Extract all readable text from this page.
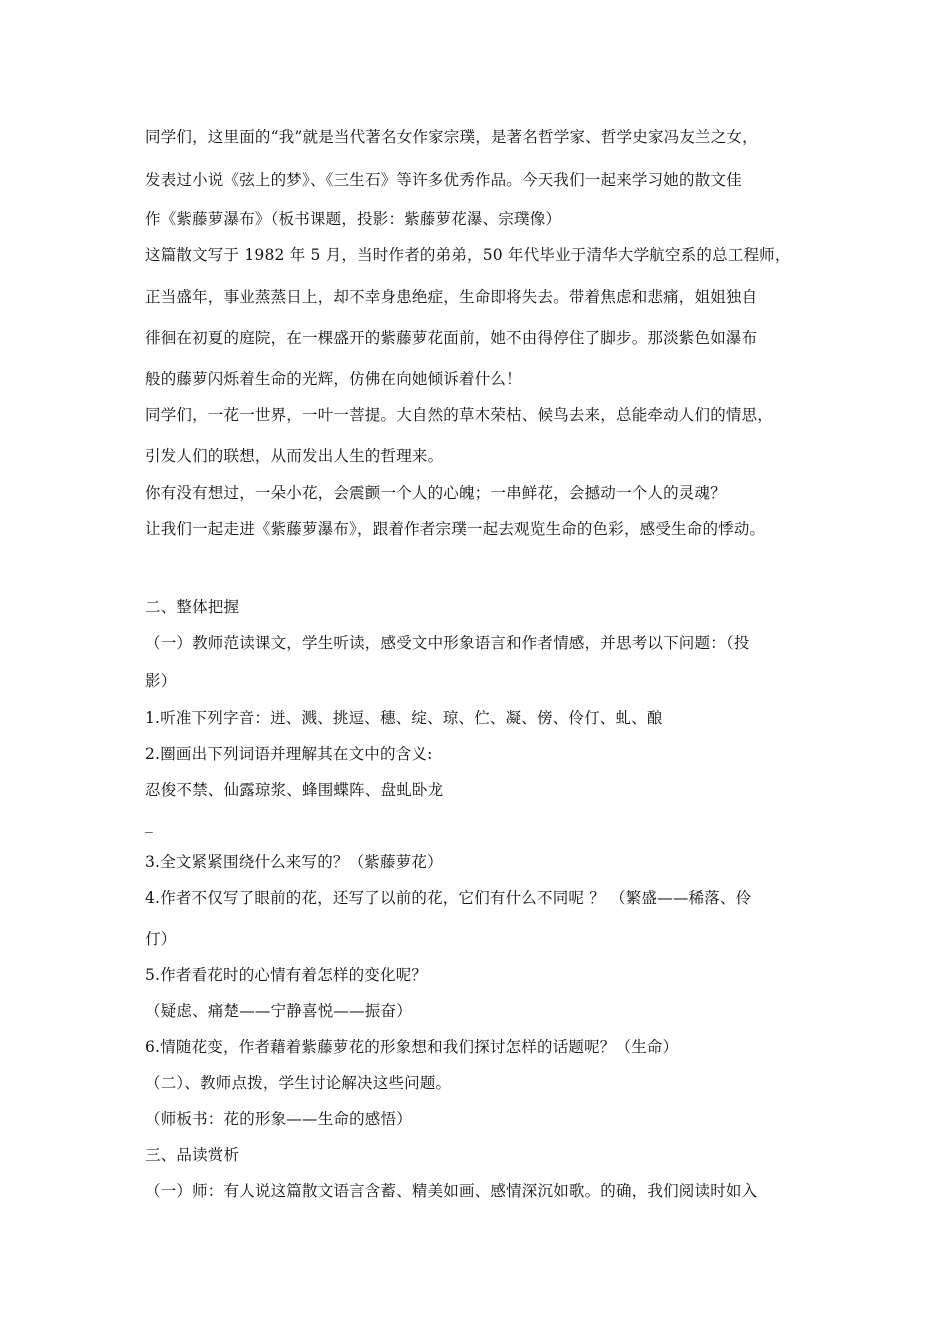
同学们，这里面的“我”就是当代著名女作家宗璞，是著名哲学家、哲学史家冯友兰之女，
发表过小说《弦上的梦》、《三生石》等许多优秀作品。今天我们一起来学习她的散文佳
作《紫藤萝瀑布》（板书课题，投影：紫藤萝花瀑、宗璞像）
这篇散文写于 1982 年 5 月，当时作者的弟弟，50 年代毕业于清华大学航空系的总工程师，
正当盛年，事业蒸蒸日上，却不幸身患绝症，生命即将失去。带着焦虑和悲痛，姐姐独自
徘徊在初夏的庭院，在一棵盛开的紫藤萝花面前，她不由得停住了脚步。那淡紫色如瀑布
般的藤萝闪烁着生命的光辉，仿佛在向她倾诉着什么！
同学们，一花一世界，一叶一菩提。大自然的草木荣枯、候鸟去来，总能牵动人们的情思，
引发人们的联想，从而发出人生的哲理来。
你有没有想过，一朵小花，会震颤一个人的心魄；一串鲜花，会撼动一个人的灵魂？
让我们一起走进《紫藤萝瀑布》，跟着作者宗璞一起去观览生命的色彩，感受生命的悸动。
二、整体把握
（一）教师范读课文，学生听读，感受文中形象语言和作者情感，并思考以下问题：（投
影）
1.听准下列字音：迸、溅、挑逗、穗、绽、琼、伫、凝、傍、伶仃、虬、酿
2.圈画出下列词语并理解其在文中的含义:
忍俊不禁、仙露琼浆、蜂围蝶阵、盘虬卧龙
_
3.全文紧紧围绕什么来写的？（紫藤萝花）
4.作者不仅写了眼前的花，还写了以前的花，它们有什么不同呢 ？ （繁盛——稀落、伶
仃）
5.作者看花时的心情有着怎样的变化呢？
（疑虑、痛楚——宁静喜悦——振奋）
6.情随花变，作者藉着紫藤萝花的形象想和我们探讨怎样的话题呢？（生命）
（二）、教师点拨，学生讨论解决这些问题。
（师板书：花的形象——生命的感悟）
三、品读赏析
（一）师：有人说这篇散文语言含蓄、精美如画、感情深沉如歌。的确，我们阅读时如入
